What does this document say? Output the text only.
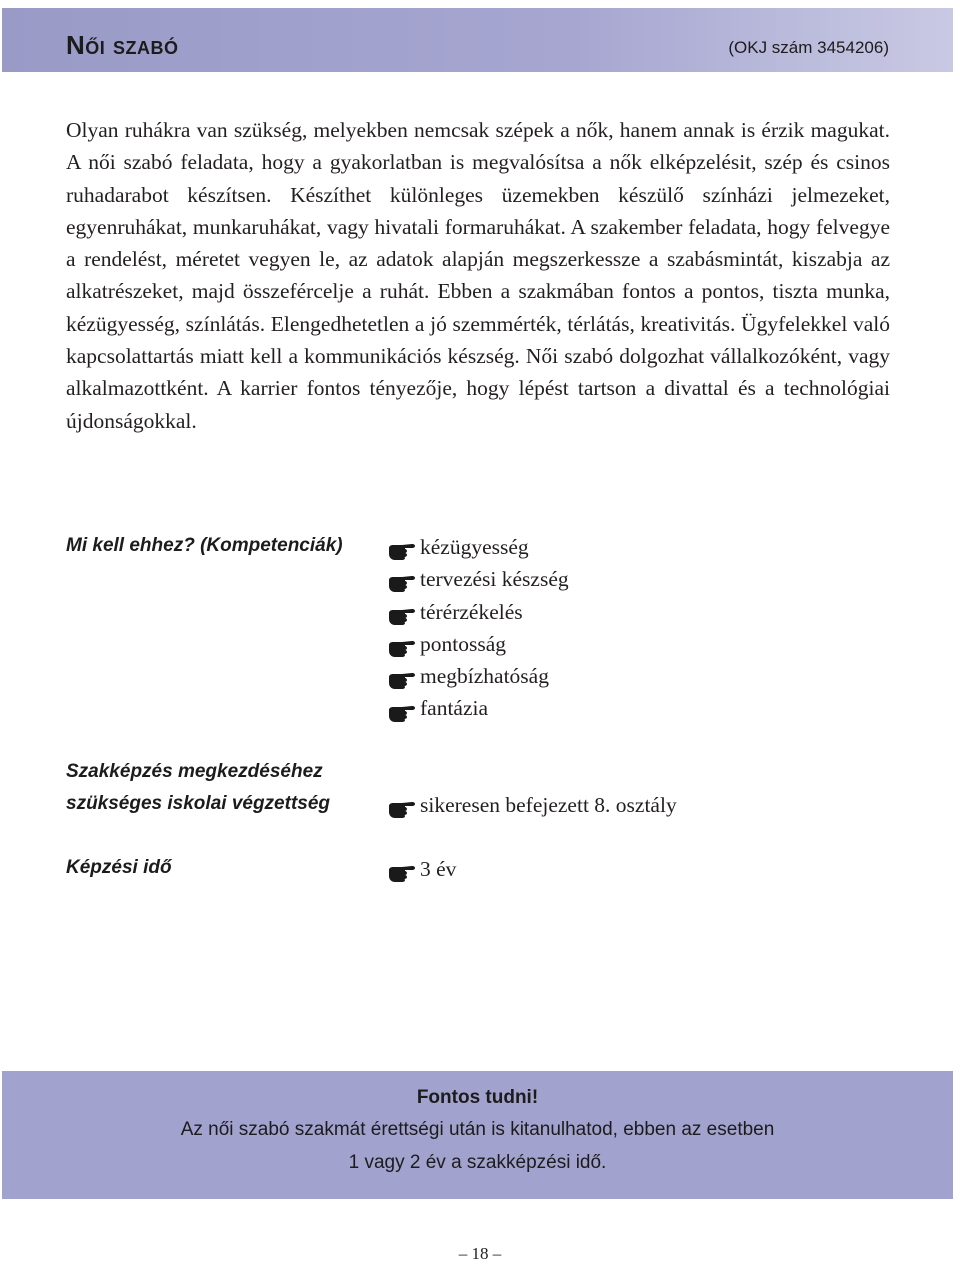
Női szabó	(OKJ szám 3454206)

Olyan ruhákra van szükség, melyekben nemcsak szépek a nők, hanem annak is érzik magukat. A női szabó feladata, hogy a gyakorlatban is megvalósítsa a nők elképzelésit, szép és csinos ruhadarabot készítsen. Készíthet különleges üzemekben készülő színházi jelmezeket, egyenruhákat, munkaruhákat, vagy hivatali formaruhákat. A szakember feladata, hogy felvegye a rendelést, méretet vegyen le, az adatok alapján megszerkessze a szabásmintát, kiszabja az alkatrészeket, majd összefércelje a ruhát. Ebben a szakmában fontos a pontos, tiszta munka, kézügyesség, színlátás. Elengedhetetlen a jó szemmérték, térlátás, kreativitás. Ügyfelekkel való kapcsolattartás miatt kell a kommunikációs készség. Női szabó dolgozhat vállalkozóként, vagy alkalmazottként. A karrier fontos tényezője, hogy lépést tartson a divattal és a technológiai újdonságokkal.

Mi kell ehhez? (Kompetenciák)	kézügyesség
tervezési készség
térérzékelés
pontosság
megbízhatóság
fantázia
Szakképzés megkezdéséhez
szükséges iskolai végzettség	sikeresen befejezett 8. osztály
Képzési idő	3 év
Fontos tudni!
Az női szabó szakmát érettségi után is kitanulhatod, ebben az esetben
1 vagy 2 év a szakképzési idő.
– 18 –
